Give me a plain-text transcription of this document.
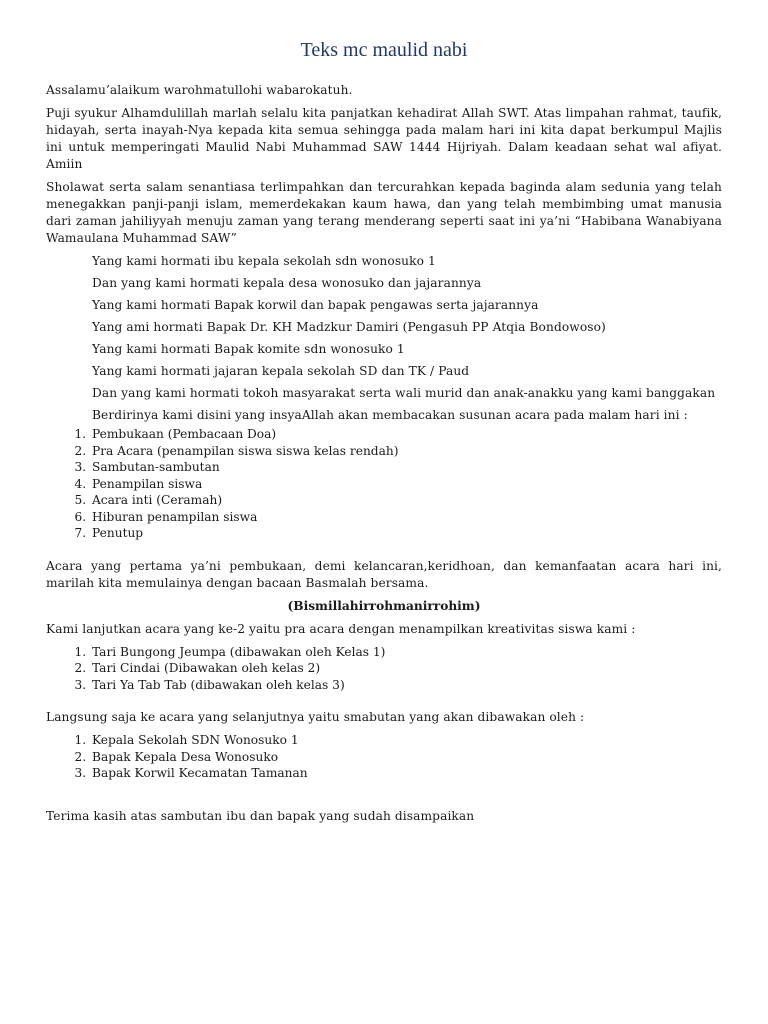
Teks mc maulid nabi

Assalamu’alaikum warohmatullohi wabarokatuh.

Puji syukur Alhamdulillah marlah selalu kita panjatkan kehadirat Allah SWT. Atas limpahan rahmat, taufik, hidayah, serta inayah-Nya kepada kita semua sehingga pada malam hari ini kita dapat berkumpul Majlis ini untuk memperingati Maulid Nabi Muhammad SAW 1444 Hijriyah. Dalam keadaan sehat wal afiyat. Amiin

Sholawat serta salam senantiasa terlimpahkan dan tercurahkan kepada baginda alam sedunia yang telah menegakkan panji-panji islam, memerdekakan kaum hawa, dan yang telah membimbing umat manusia dari zaman jahiliyyah menuju zaman yang terang menderang seperti saat ini ya’ni “Habibana Wanabiyana Wamaulana Muhammad SAW”

Yang kami hormati ibu kepala sekolah sdn wonosuko 1

Dan yang kami hormati kepala desa wonosuko dan jajarannya

Yang kami hormati Bapak korwil dan bapak pengawas serta jajarannya

Yang ami hormati Bapak Dr. KH Madzkur Damiri (Pengasuh PP Atqia Bondowoso)

Yang kami hormati Bapak komite sdn wonosuko 1

Yang kami hormati jajaran kepala sekolah SD dan TK / Paud

Dan yang kami hormati tokoh masyarakat serta wali murid dan anak-anakku yang kami banggakan

Berdirinya kami disini yang insyaAllah akan membacakan susunan acara pada malam hari ini :

1. Pembukaan (Pembacaan Doa)
2. Pra Acara (penampilan siswa siswa kelas rendah)
3. Sambutan-sambutan
4. Penampilan siswa
5. Acara inti (Ceramah)
6. Hiburan penampilan siswa
7. Penutup

Acara yang pertama ya’ni pembukaan, demi kelancaran,keridhoan, dan kemanfaatan acara hari ini, marilah kita memulainya dengan bacaan Basmalah bersama.

(Bismillahirrohmanirrohim)

Kami lanjutkan acara yang ke-2 yaitu pra acara dengan menampilkan kreativitas siswa kami :

1. Tari Bungong Jeumpa (dibawakan oleh Kelas 1)
2. Tari Cindai (Dibawakan oleh kelas 2)
3. Tari Ya Tab Tab (dibawakan oleh kelas 3)

Langsung saja ke acara yang selanjutnya yaitu smabutan yang akan dibawakan oleh :

1. Kepala Sekolah SDN Wonosuko 1
2. Bapak Kepala Desa Wonosuko
3. Bapak Korwil Kecamatan Tamanan

Terima kasih atas sambutan ibu dan bapak yang sudah disampaikan
